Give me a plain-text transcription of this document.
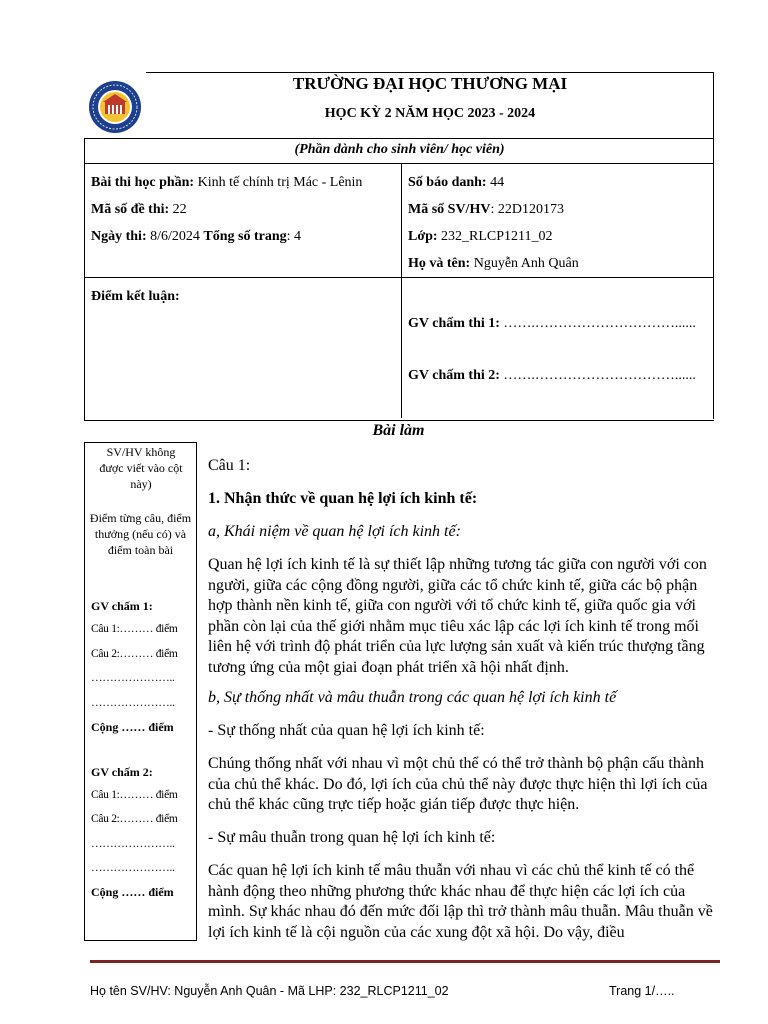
TRƯỜNG ĐẠI HỌC THƯƠNG MẠI
HỌC KỲ 2 NĂM HỌC 2023 - 2024
(Phần dành cho sinh viên/ học viên)
Bài thi học phần: Kinh tế chính trị Mác - Lênin
Mã số đề thi: 22
Ngày thi: 8/6/2024 Tổng số trang: 4
Số báo danh: 44
Mã số SV/HV: 22D120173
Lớp: 232_RLCP1211_02
Họ và tên: Nguyễn Anh Quân
Điểm kết luận:
GV chấm thi 1: …….…………………………......
GV chấm thi 2: …….…………………………......
Bài làm
SV/HV không được viết vào cột này)
Điểm từng câu, điểm thưởng (nếu có) và điểm toàn bài
GV chấm 1:
Câu 1:……… điểm
Câu 2:……… điểm
…………………..
…………………..
Cộng …… điểm
GV chấm 2:
Câu 1:……… điểm
Câu 2:……… điểm
…………………..
…………………..
Cộng …… điểm

Câu 1:

1. Nhận thức về quan hệ lợi ích kinh tế:

a, Khái niệm về quan hệ lợi ích kinh tế:

Quan hệ lợi ích kinh tế là sự thiết lập những tương tác giữa con người với con người, giữa các cộng đồng người, giữa các tổ chức kinh tế, giữa các bộ phận hợp thành nền kinh tế, giữa con người với tổ chức kinh tế, giữa quốc gia với phần còn lại của thế giới nhằm mục tiêu xác lập các lợi ích kinh tế trong mối liên hệ với trình độ phát triển của lực lượng sản xuất và kiến trúc thượng tầng tương ứng của một giai đoạn phát triển xã hội nhất định.

b, Sự thống nhất và mâu thuẫn trong các quan hệ lợi ích kinh tế

- Sự thống nhất của quan hệ lợi ích kinh tế:

Chúng thống nhất với nhau vì một chủ thể có thể trở thành bộ phận cấu thành của chủ thể khác. Do đó, lợi ích của chủ thể này được thực hiện thì lợi ích của chủ thể khác cũng trực tiếp hoặc gián tiếp được thực hiện.

- Sự mâu thuẫn trong quan hệ lợi ích kinh tế:

Các quan hệ lợi ích kinh tế mâu thuẫn với nhau vì các chủ thể kinh tế có thể hành động theo những phương thức khác nhau để thực hiện các lợi ích của mình. Sự khác nhau đó đến mức đối lập thì trở thành mâu thuẫn. Mâu thuẫn về lợi ích kinh tế là cội nguồn của các xung đột xã hội. Do vậy, điều

Họ tên SV/HV: Nguyễn Anh Quân - Mã LHP: 232_RLCP1211_02	Trang 1/…..
